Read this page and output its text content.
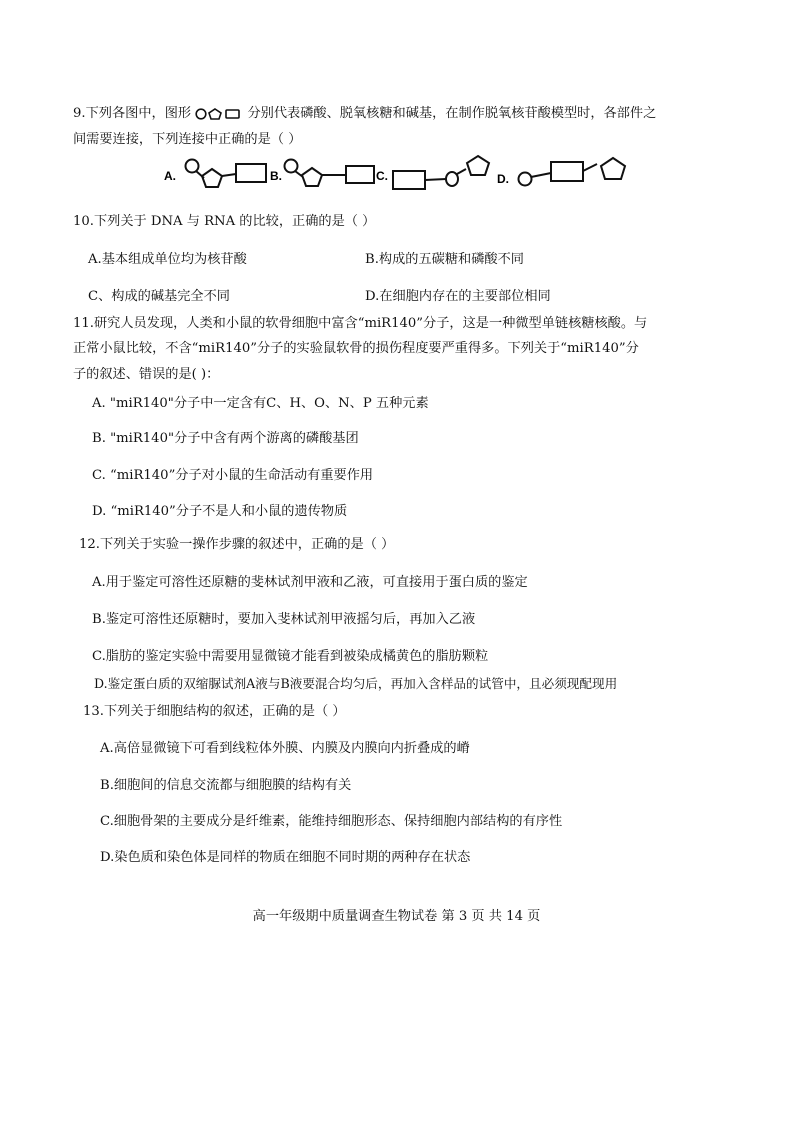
9.下列各图中，图形	分别代表磷酸、脱氧核糖和碱基，在制作脱氧核苷酸模型时，各部件之
间需要连接，下列连接中正确的是（ ）
A.	B.	C.	D.
10.下列关于 DNA 与 RNA 的比较，正确的是（ ）
A.基本组成单位均为核苷酸	B.构成的五碳糖和磷酸不同
C、构成的碱基完全不同	D.在细胞内存在的主要部位相同
11.研究人员发现，人类和小鼠的软骨细胞中富含“miR140”分子，这是一种微型单链核糖核酸。与
正常小鼠比较，不含“miR140”分子的实验鼠软骨的损伤程度要严重得多。下列关于“miR140”分
子的叙述、错误的是( )：
A. "miR140"分子中一定含有C、H、O、N、P 五种元素
B. "miR140"分子中含有两个游离的磷酸基团
C. “miR140”分子对小鼠的生命活动有重要作用
D. “miR140”分子不是人和小鼠的遗传物质
12.下列关于实验一操作步骤的叙述中，正确的是（ ）
A.用于鉴定可溶性还原糖的斐林试剂甲液和乙液，可直接用于蛋白质的鉴定
B.鉴定可溶性还原糖时，要加入斐林试剂甲液摇匀后，再加入乙液
C.脂肪的鉴定实验中需要用显微镜才能看到被染成橘黄色的脂肪颗粒
D.鉴定蛋白质的双缩脲试剂A液与B液要混合均匀后，再加入含样品的试管中，且必须现配现用
13.下列关于细胞结构的叙述，正确的是（ ）
A.高倍显微镜下可看到线粒体外膜、内膜及内膜向内折叠成的嵴
B.细胞间的信息交流都与细胞膜的结构有关
C.细胞骨架的主要成分是纤维素，能维持细胞形态、保持细胞内部结构的有序性
D.染色质和染色体是同样的物质在细胞不同时期的两种存在状态
高一年级期中质量调查生物试卷 第 3 页 共 14 页
